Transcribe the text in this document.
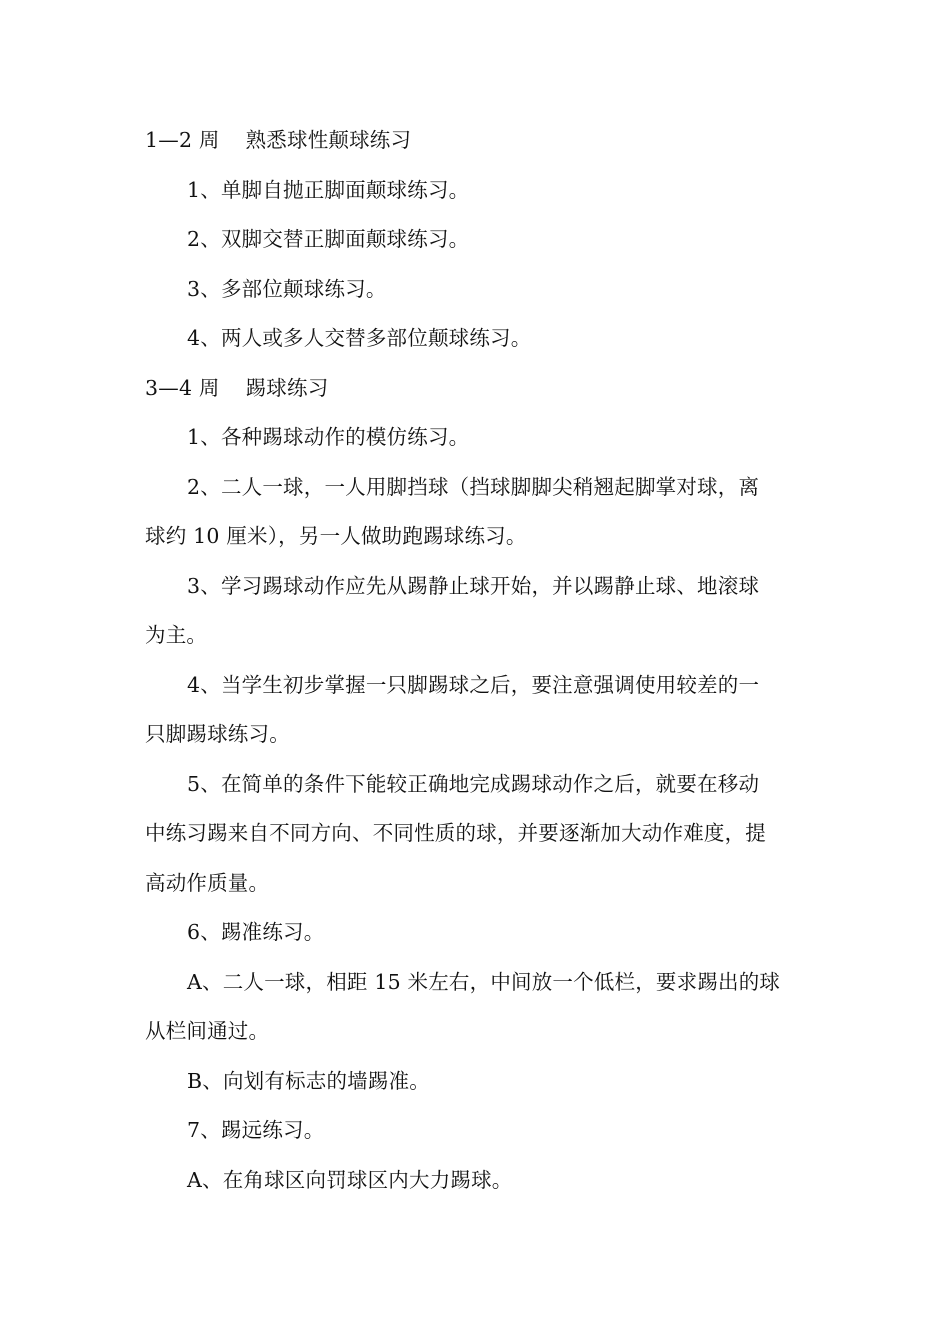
1—2 周 熟悉球性颠球练习
1、单脚自抛正脚面颠球练习。
2、双脚交替正脚面颠球练习。
3、多部位颠球练习。
4、两人或多人交替多部位颠球练习。
3—4 周 踢球练习
1、各种踢球动作的模仿练习。
2、二人一球，一人用脚挡球（挡球脚脚尖稍翘起脚掌对球，离
球约 10 厘米），另一人做助跑踢球练习。
3、学习踢球动作应先从踢静止球开始，并以踢静止球、地滚球
为主。
4、当学生初步掌握一只脚踢球之后，要注意强调使用较差的一
只脚踢球练习。
5、在简单的条件下能较正确地完成踢球动作之后，就要在移动
中练习踢来自不同方向、不同性质的球，并要逐渐加大动作难度，提
高动作质量。
6、踢准练习。
A、二人一球，相距 15 米左右，中间放一个低栏，要求踢出的球
从栏间通过。
B、向划有标志的墙踢准。
7、踢远练习。
A、在角球区向罚球区内大力踢球。
